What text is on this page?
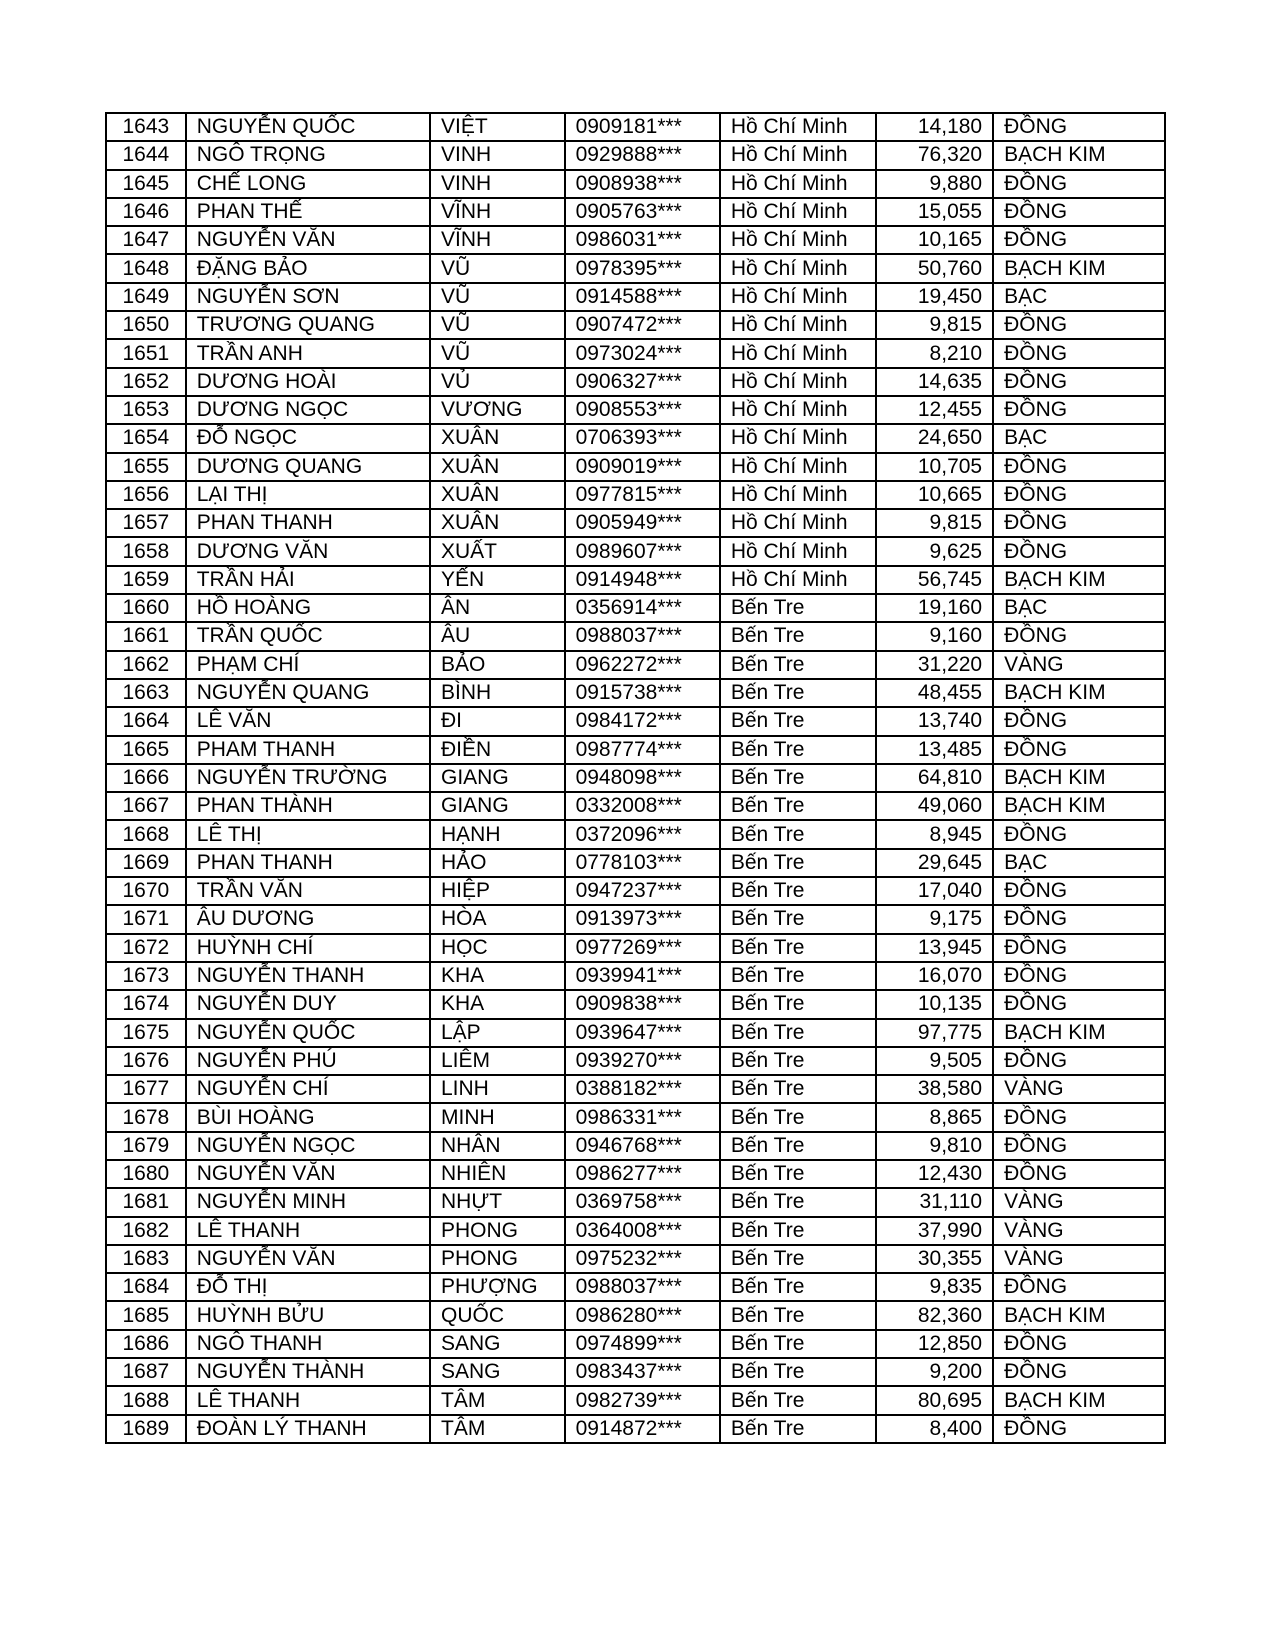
1643	NGUYỄN QUỐC	VIỆT	0909181***	Hồ Chí Minh	14,180	ĐỒNG
1644	NGÔ TRỌNG	VINH	0929888***	Hồ Chí Minh	76,320	BẠCH KIM
1645	CHẾ LONG	VINH	0908938***	Hồ Chí Minh	9,880	ĐỒNG
1646	PHAN THẾ	VĨNH	0905763***	Hồ Chí Minh	15,055	ĐỒNG
1647	NGUYỄN VĂN	VĨNH	0986031***	Hồ Chí Minh	10,165	ĐỒNG
1648	ĐẶNG BẢO	VŨ	0978395***	Hồ Chí Minh	50,760	BẠCH KIM
1649	NGUYỄN SƠN	VŨ	0914588***	Hồ Chí Minh	19,450	BẠC
1650	TRƯƠNG QUANG	VŨ	0907472***	Hồ Chí Minh	9,815	ĐỒNG
1651	TRẦN ANH	VŨ	0973024***	Hồ Chí Minh	8,210	ĐỒNG
1652	DƯƠNG HOÀI	VỦ	0906327***	Hồ Chí Minh	14,635	ĐỒNG
1653	DƯƠNG NGỌC	VƯƠNG	0908553***	Hồ Chí Minh	12,455	ĐỒNG
1654	ĐỖ NGỌC	XUÂN	0706393***	Hồ Chí Minh	24,650	BẠC
1655	DƯƠNG QUANG	XUÂN	0909019***	Hồ Chí Minh	10,705	ĐỒNG
1656	LẠI THỊ	XUÂN	0977815***	Hồ Chí Minh	10,665	ĐỒNG
1657	PHAN THANH	XUÂN	0905949***	Hồ Chí Minh	9,815	ĐỒNG
1658	DƯƠNG VĂN	XUẤT	0989607***	Hồ Chí Minh	9,625	ĐỒNG
1659	TRẦN HẢI	YẾN	0914948***	Hồ Chí Minh	56,745	BẠCH KIM
1660	HỒ HOÀNG	ÂN	0356914***	Bến Tre	19,160	BẠC
1661	TRẦN QUỐC	ÂU	0988037***	Bến Tre	9,160	ĐỒNG
1662	PHẠM CHÍ	BẢO	0962272***	Bến Tre	31,220	VÀNG
1663	NGUYỄN QUANG	BÌNH	0915738***	Bến Tre	48,455	BẠCH KIM
1664	LÊ VĂN	ĐI	0984172***	Bến Tre	13,740	ĐỒNG
1665	PHAM THANH	ĐIỀN	0987774***	Bến Tre	13,485	ĐỒNG
1666	NGUYỄN TRƯỜNG	GIANG	0948098***	Bến Tre	64,810	BẠCH KIM
1667	PHAN THÀNH	GIANG	0332008***	Bến Tre	49,060	BẠCH KIM
1668	LÊ THỊ	HẠNH	0372096***	Bến Tre	8,945	ĐỒNG
1669	PHAN THANH	HẢO	0778103***	Bến Tre	29,645	BẠC
1670	TRẦN VĂN	HIỆP	0947237***	Bến Tre	17,040	ĐỒNG
1671	ÂU DƯƠNG	HÒA	0913973***	Bến Tre	9,175	ĐỒNG
1672	HUỲNH CHÍ	HỌC	0977269***	Bến Tre	13,945	ĐỒNG
1673	NGUYỄN THANH	KHA	0939941***	Bến Tre	16,070	ĐỒNG
1674	NGUYỄN DUY	KHA	0909838***	Bến Tre	10,135	ĐỒNG
1675	NGUYỄN QUỐC	LẬP	0939647***	Bến Tre	97,775	BẠCH KIM
1676	NGUYỄN PHÚ	LIÊM	0939270***	Bến Tre	9,505	ĐỒNG
1677	NGUYỄN CHÍ	LINH	0388182***	Bến Tre	38,580	VÀNG
1678	BÙI HOÀNG	MINH	0986331***	Bến Tre	8,865	ĐỒNG
1679	NGUYỄN NGỌC	NHÂN	0946768***	Bến Tre	9,810	ĐỒNG
1680	NGUYỄN VĂN	NHIÊN	0986277***	Bến Tre	12,430	ĐỒNG
1681	NGUYỄN MINH	NHỰT	0369758***	Bến Tre	31,110	VÀNG
1682	LÊ THANH	PHONG	0364008***	Bến Tre	37,990	VÀNG
1683	NGUYỄN VĂN	PHONG	0975232***	Bến Tre	30,355	VÀNG
1684	ĐỖ THỊ	PHƯỢNG	0988037***	Bến Tre	9,835	ĐỒNG
1685	HUỲNH BỬU	QUỐC	0986280***	Bến Tre	82,360	BẠCH KIM
1686	NGÔ THANH	SANG	0974899***	Bến Tre	12,850	ĐỒNG
1687	NGUYỄN THÀNH	SANG	0983437***	Bến Tre	9,200	ĐỒNG
1688	LÊ THANH	TÂM	0982739***	Bến Tre	80,695	BẠCH KIM
1689	ĐOÀN LÝ THANH	TÂM	0914872***	Bến Tre	8,400	ĐỒNG
